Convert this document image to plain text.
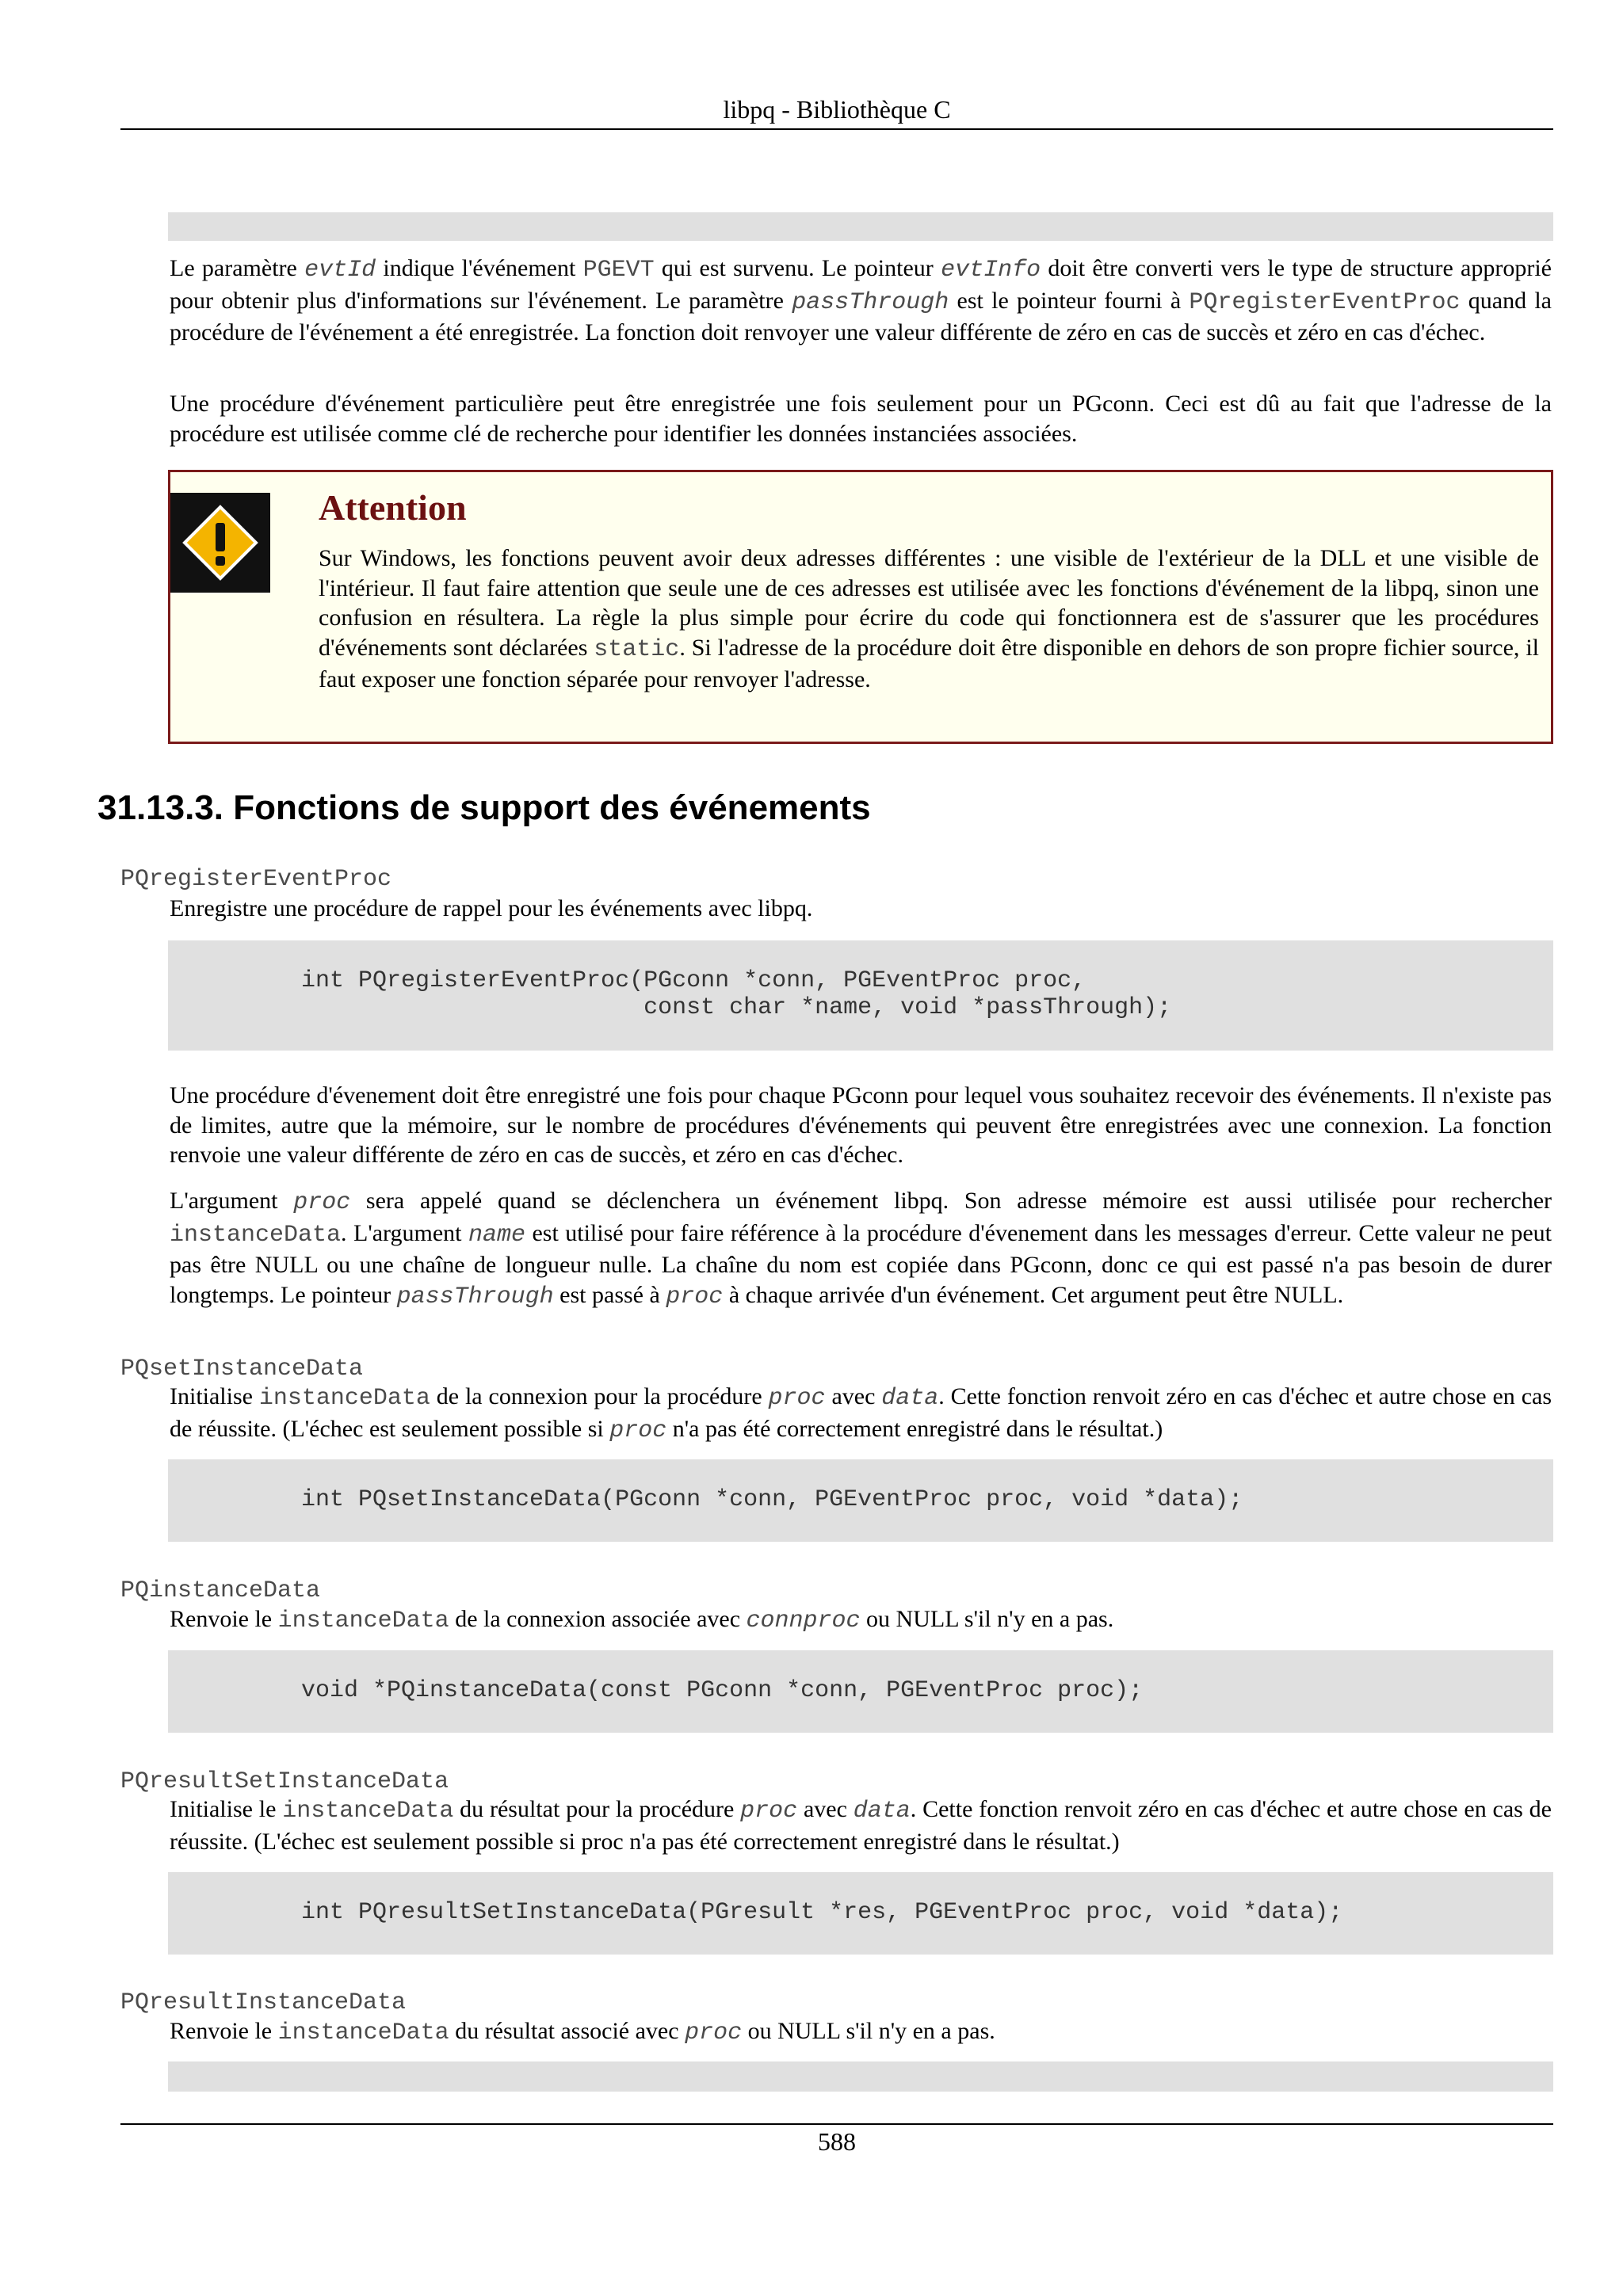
libpq - Bibliothèque C

Le paramètre evtId indique l'événement PGEVT qui est survenu. Le pointeur evtInfo doit être converti vers le type de structure approprié pour obtenir plus d'informations sur l'événement. Le paramètre passThrough est le pointeur fourni à PQregisterEventProc quand la procédure de l'événement a été enregistrée. La fonction doit renvoyer une valeur différente de zéro en cas de succès et zéro en cas d'échec.

Une procédure d'événement particulière peut être enregistrée une fois seulement pour un PGconn. Ceci est dû au fait que l'adresse de la procédure est utilisée comme clé de recherche pour identifier les données instanciées associées.

Attention

Sur Windows, les fonctions peuvent avoir deux adresses différentes : une visible de l'extérieur de la DLL et une visible de l'intérieur. Il faut faire attention que seule une de ces adresses est utilisée avec les fonctions d'événement de la libpq, sinon une confusion en résultera. La règle la plus simple pour écrire du code qui fonctionnera est de s'assurer que les procédures d'événements sont déclarées static. Si l'adresse de la procédure doit être disponible en dehors de son propre fichier source, il faut exposer une fonction séparée pour renvoyer l'adresse.

31.13.3. Fonctions de support des événements
PQregisterEventProc

Enregistre une procédure de rappel pour les événements avec libpq.

int PQregisterEventProc(PGconn *conn, PGEventProc proc,
const char *name, void *passThrough);

Une procédure d'évenement doit être enregistré une fois pour chaque PGconn pour lequel vous souhaitez recevoir des événements. Il n'existe pas de limites, autre que la mémoire, sur le nombre de procédures d'événements qui peuvent être enregistrées avec une connexion. La fonction renvoie une valeur différente de zéro en cas de succès, et zéro en cas d'échec.

L'argument proc sera appelé quand se déclenchera un événement libpq. Son adresse mémoire est aussi utilisée pour rechercher instanceData. L'argument name est utilisé pour faire référence à la procédure d'évenement dans les messages d'erreur. Cette valeur ne peut pas être NULL ou une chaîne de longueur nulle. La chaîne du nom est copiée dans PGconn, donc ce qui est passé n'a pas besoin de durer longtemps. Le pointeur passThrough est passé à proc à chaque arrivée d'un événement. Cet argument peut être NULL.

PQsetInstanceData

Initialise instanceData de la connexion pour la procédure proc avec data. Cette fonction renvoit zéro en cas d'échec et autre chose en cas de réussite. (L'échec est seulement possible si proc n'a pas été correctement enregistré dans le résultat.)

int PQsetInstanceData(PGconn *conn, PGEventProc proc, void *data);
PQinstanceData

Renvoie le instanceData de la connexion associée avec connproc ou NULL s'il n'y en a pas.

void *PQinstanceData(const PGconn *conn, PGEventProc proc);
PQresultSetInstanceData

Initialise le instanceData du résultat pour la procédure proc avec data. Cette fonction renvoit zéro en cas d'échec et autre chose en cas de réussite. (L'échec est seulement possible si proc n'a pas été correctement enregistré dans le résultat.)

int PQresultSetInstanceData(PGresult *res, PGEventProc proc, void *data);
PQresultInstanceData

Renvoie le instanceData du résultat associé avec proc ou NULL s'il n'y en a pas.

588
